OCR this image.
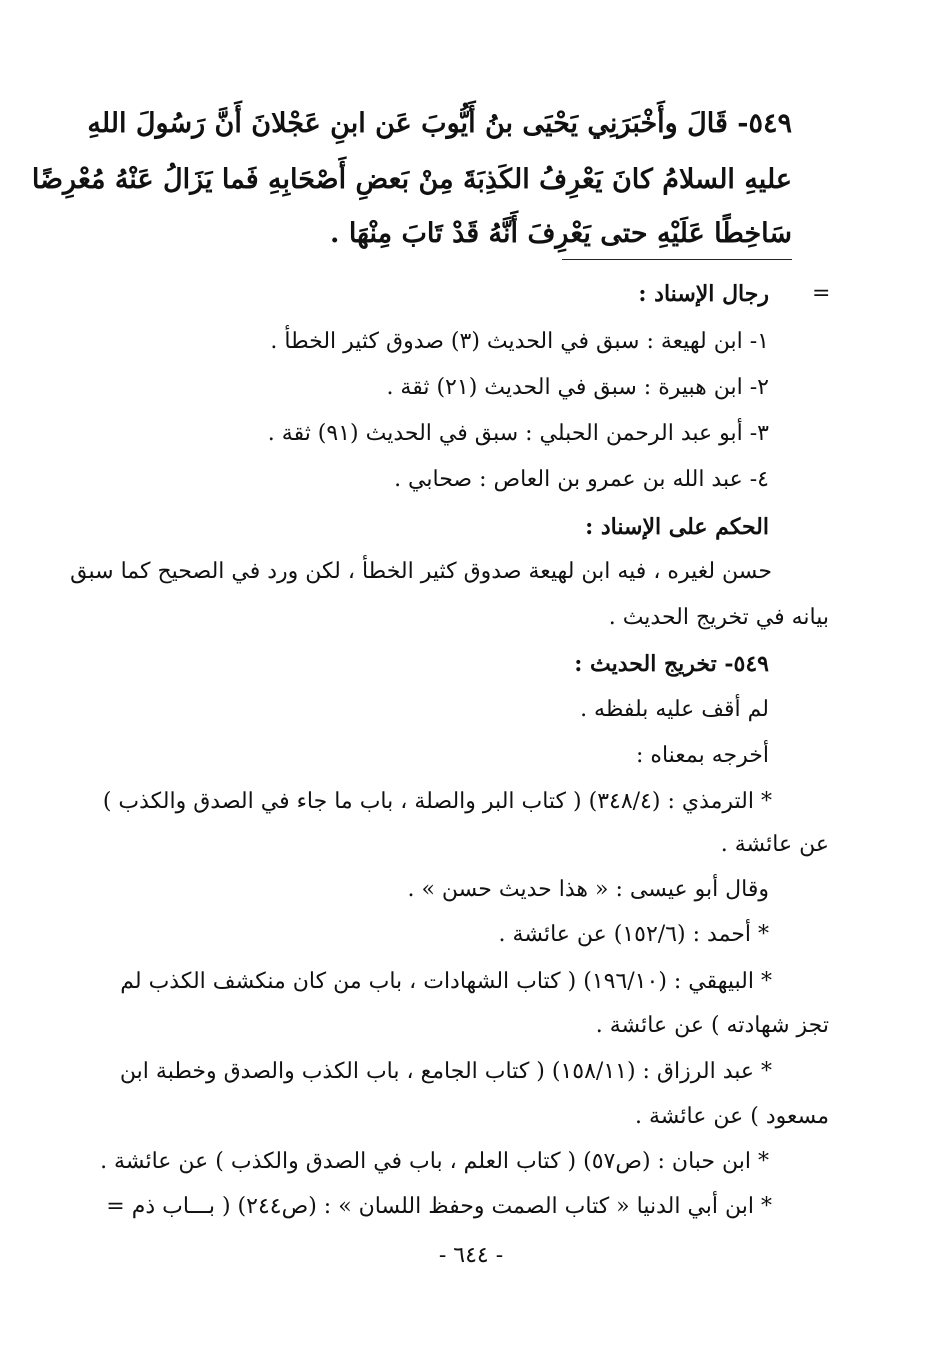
٥٤٩- قَالَ وأَخْبَرَنِي يَحْيَى بنُ أَيُّوبَ عَن ابنِ عَجْلانَ أَنَّ رَسُولَ اللهِ
عليهِ السلامُ كانَ يَعْرِفُ الكَذِبَةَ مِنْ بَعضِ أَصْحَابِهِ فَما يَزَالُ عَنْهُ مُعْرِضًا
سَاخِطًا عَلَيْهِ حتى يَعْرِفَ أَنَّهُ قَدْ تَابَ مِنْهَا .
=
رجال الإسناد :
١- ابن لهيعة : سبق في الحديث (٣) صدوق كثير الخطأ .
٢- ابن هبيرة : سبق في الحديث (٢١) ثقة .
٣- أبو عبد الرحمن الحبلي : سبق في الحديث (٩١) ثقة .
٤- عبد الله بن عمرو بن العاص : صحابي .
الحكم على الإسناد :
حسن لغيره ، فيه ابن لهيعة صدوق كثير الخطأ ، لكن ورد في الصحيح كما سبق
بيانه في تخريج الحديث .
٥٤٩- تخريج الحديث :
لم أقف عليه بلفظه .
أخرجه بمعناه :
* الترمذي : (٣٤٨/٤) ( كتاب البر والصلة ، باب ما جاء في الصدق والكذب )
عن عائشة .
وقال أبو عيسى : « هذا حديث حسن » .
* أحمد : (١٥٢/٦) عن عائشة .
* البيهقي : (١٩٦/١٠) ( كتاب الشهادات ، باب من كان منكشف الكذب لم
تجز شهادته ) عن عائشة .
* عبد الرزاق : (١٥٨/١١) ( كتاب الجامع ، باب الكذب والصدق وخطبة ابن
مسعود ) عن عائشة .
* ابن حبان : (ص٥٧) ( كتاب العلم ، باب في الصدق والكذب ) عن عائشة .
* ابن أبي الدنيا « كتاب الصمت وحفظ اللسان » : (ص٢٤٤) ( بـــاب ذم =
- ٦٤٤ -
